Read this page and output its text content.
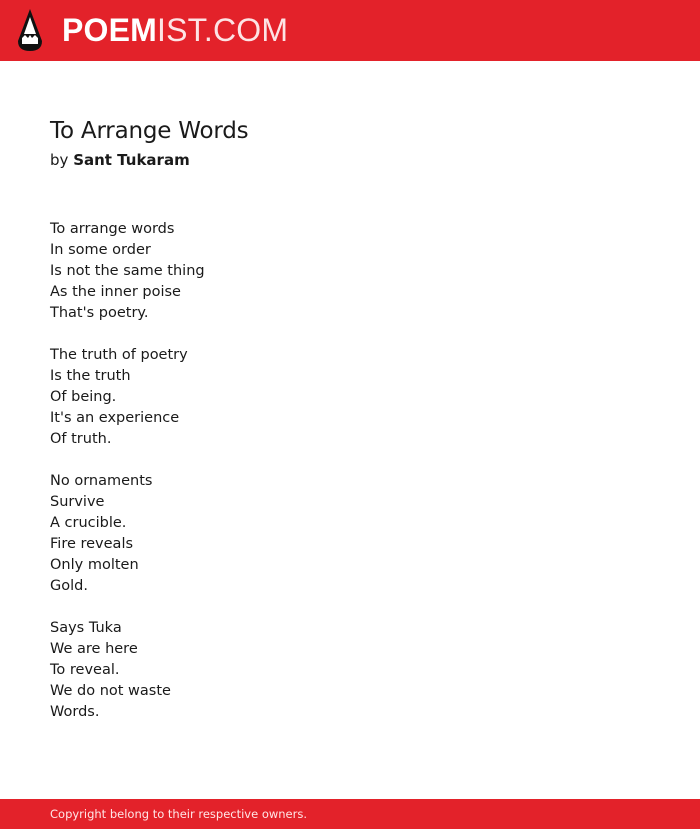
POEMIST.COM
To Arrange Words

by Sant Tukaram

To arrange words
In some order
Is not the same thing
As the inner poise
That's poetry.

The truth of poetry
Is the truth
Of being.
It's an experience
Of truth.

No ornaments
Survive
A crucible.
Fire reveals
Only molten
Gold.

Says Tuka
We are here
To reveal.
We do not waste
Words.

Copyright belong to their respective owners.
